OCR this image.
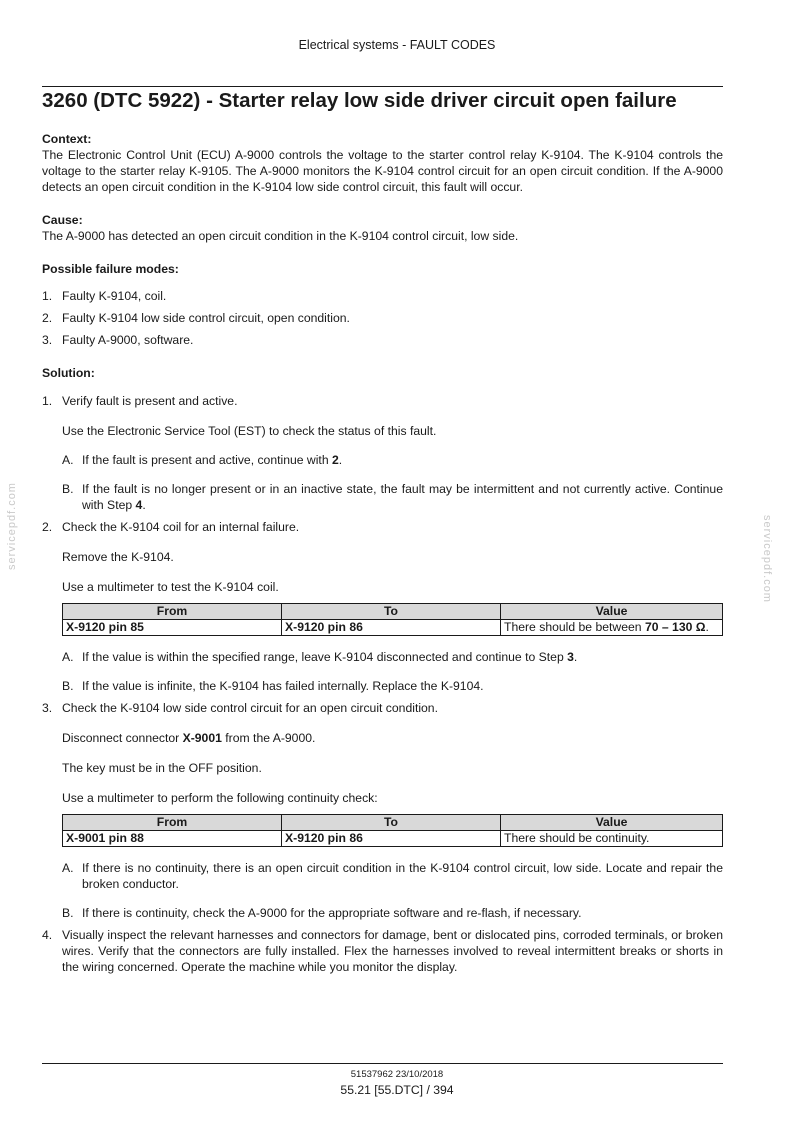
Electrical systems - FAULT CODES
3260 (DTC 5922) - Starter relay low side driver circuit open failure

Context:

The Electronic Control Unit (ECU) A-9000 controls the voltage to the starter control relay K-9104. The K-9104 controls the voltage to the starter relay K-9105. The A-9000 monitors the K-9104 control circuit for an open circuit condition. If the A-9000 detects an open circuit condition in the K-9104 low side control circuit, this fault will occur.

Cause:

The A-9000 has detected an open circuit condition in the K-9104 control circuit, low side.

Possible failure modes:

1. Faulty K-9104, coil.

2. Faulty K-9104 low side control circuit, open condition.

3. Faulty A-9000, software.

Solution:

1. Verify fault is present and active.

Use the Electronic Service Tool (EST) to check the status of this fault.

A. If the fault is present and active, continue with 2.

B. If the fault is no longer present or in an inactive state, the fault may be intermittent and not currently active. Continue with Step 4.

2. Check the K-9104 coil for an internal failure.

Remove the K-9104.

Use a multimeter to test the K-9104 coil.

From	To	Value
X-9120 pin 85	X-9120 pin 86	There should be between 70 – 130 Ω.
A. If the value is within the specified range, leave K-9104 disconnected and continue to Step 3.

B. If the value is infinite, the K-9104 has failed internally. Replace the K-9104.

3. Check the K-9104 low side control circuit for an open circuit condition.

Disconnect connector X-9001 from the A-9000.

The key must be in the OFF position.

Use a multimeter to perform the following continuity check:

From	To	Value
X-9001 pin 88	X-9120 pin 86	There should be continuity.
A. If there is no continuity, there is an open circuit condition in the K-9104 control circuit, low side. Locate and repair the broken conductor.

B. If there is continuity, check the A-9000 for the appropriate software and re-flash, if necessary.

4. Visually inspect the relevant harnesses and connectors for damage, bent or dislocated pins, corroded terminals, or broken wires. Verify that the connectors are fully installed. Flex the harnesses involved to reveal intermittent breaks or shorts in the wiring concerned. Operate the machine while you monitor the display.

servicepdf.com	servicepdf.com
51537962 23/10/2018
55.21 [55.DTC] / 394
